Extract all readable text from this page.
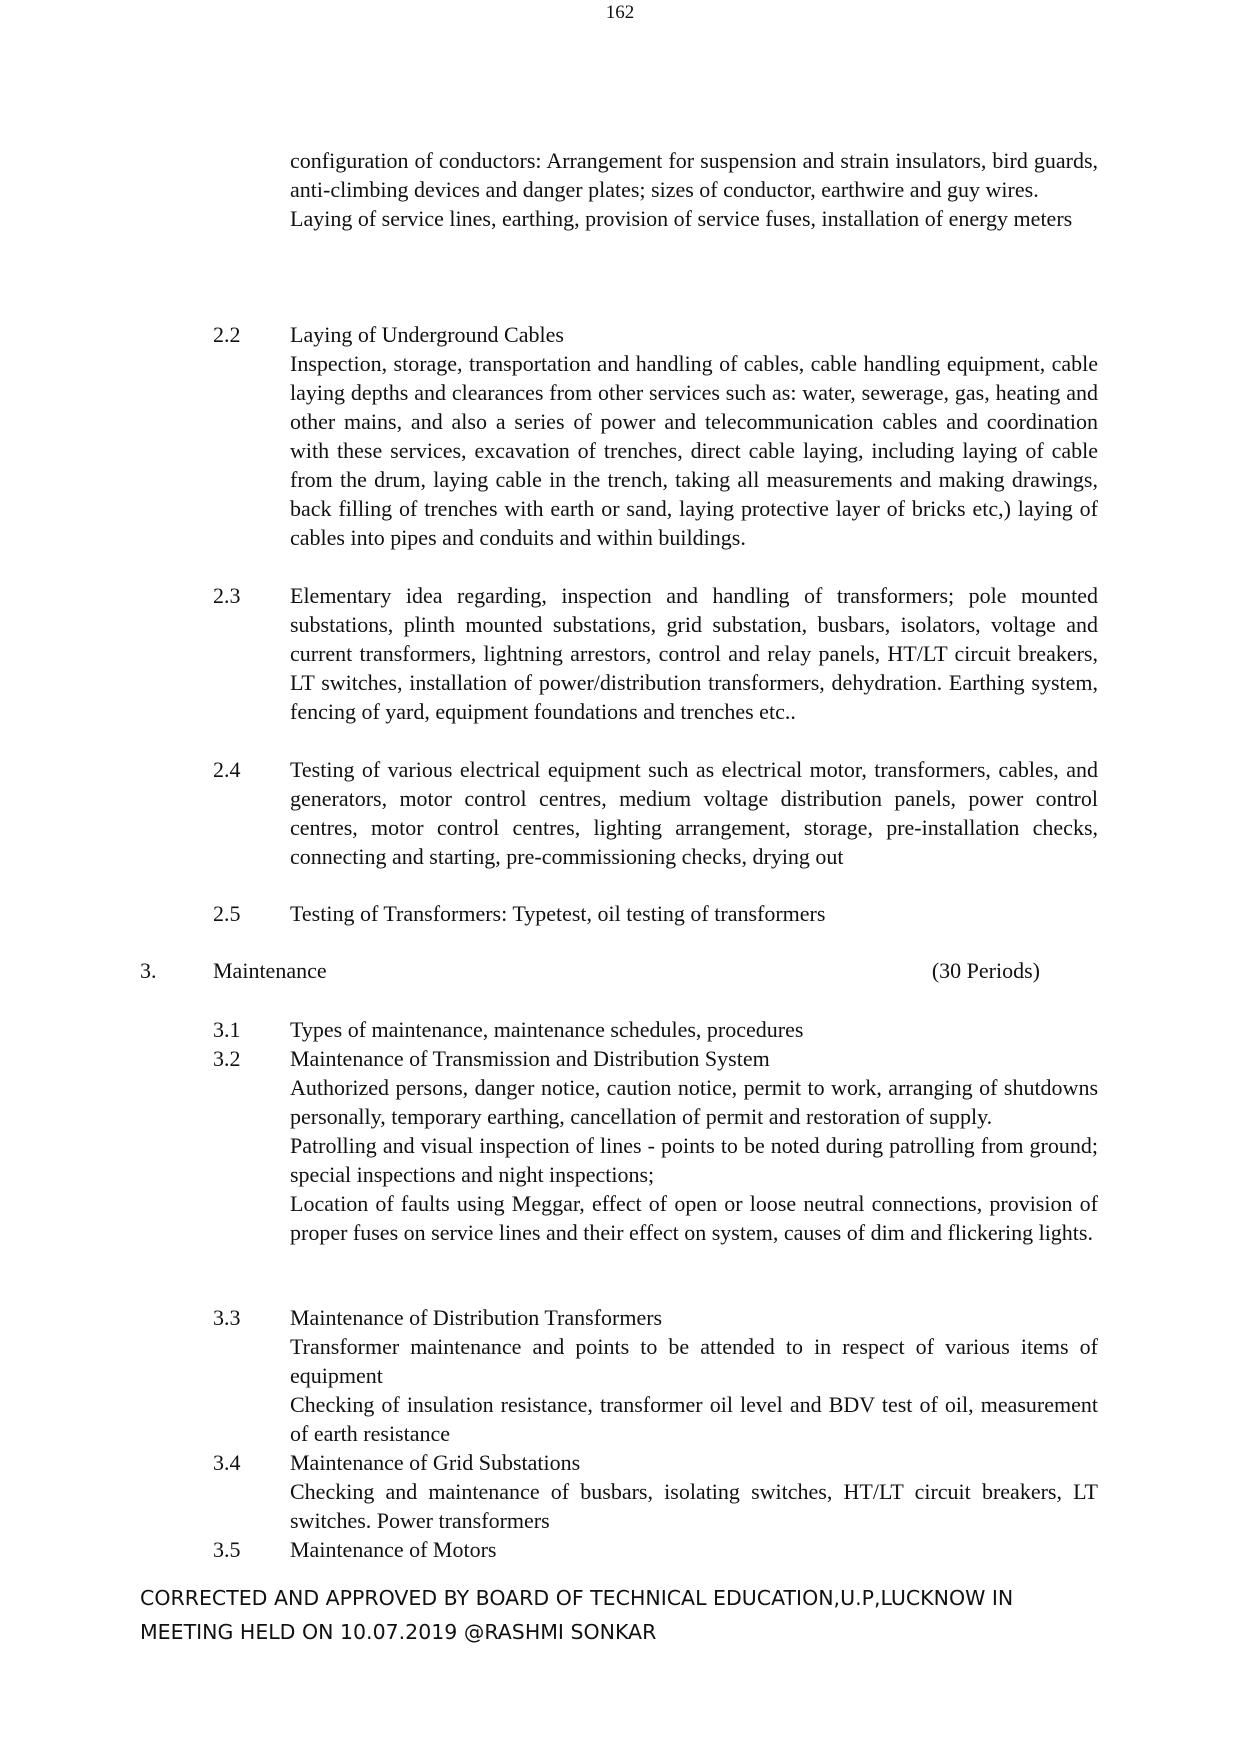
162

configuration of conductors: Arrangement for suspension and strain insulators, bird guards, anti-climbing devices and danger plates; sizes of conductor, earthwire and guy wires.

Laying of service lines, earthing, provision of service fuses, installation of energy meters

2.2	Laying of Underground Cables

Inspection, storage, transportation and handling of cables, cable handling equipment, cable laying depths and clearances from other services such as: water, sewerage, gas, heating and other mains, and also a series of power and telecommunication cables and coordination with these services, excavation of trenches, direct cable laying, including laying of cable from the drum, laying cable in the trench, taking all measurements and making drawings, back filling of trenches with earth or sand, laying protective layer of bricks etc,) laying of cables into pipes and conduits and within buildings.

2.3	Elementary idea regarding, inspection and handling of transformers; pole mounted substations, plinth mounted substations, grid substation, busbars, isolators, voltage and current transformers, lightning arrestors, control and relay panels, HT/LT circuit breakers, LT switches, installation of power/distribution transformers, dehydration. Earthing system, fencing of yard, equipment foundations and trenches etc..

2.4	Testing of various electrical equipment such as electrical motor, transformers, cables, and generators, motor control centres, medium voltage distribution panels, power control centres, motor control centres, lighting arrangement, storage, pre-installation checks, connecting and starting, pre-commissioning checks, drying out

2.5	Testing of Transformers: Typetest, oil testing of transformers

3.	Maintenance	(30 Periods)
3.1	Types of maintenance, maintenance schedules, procedures
3.2	Maintenance of Transmission and Distribution System

Authorized persons, danger notice, caution notice, permit to work, arranging of shutdowns personally, temporary earthing, cancellation of permit and restoration of supply.

Patrolling and visual inspection of lines - points to be noted during patrolling from ground; special inspections and night inspections;

Location of faults using Meggar, effect of open or loose neutral connections, provision of proper fuses on service lines and their effect on system, causes of dim and flickering lights.

3.3	Maintenance of Distribution Transformers

Transformer maintenance and points to be attended to in respect of various items of equipment

Checking of insulation resistance, transformer oil level and BDV test of oil, measurement of earth resistance

3.4	Maintenance of Grid Substations

Checking and maintenance of busbars, isolating switches, HT/LT circuit breakers, LT switches. Power transformers

3.5	Maintenance of Motors
CORRECTED AND APPROVED BY BOARD OF TECHNICAL EDUCATION,U.P,LUCKNOW IN
MEETING HELD ON 10.07.2019 @RASHMI SONKAR
